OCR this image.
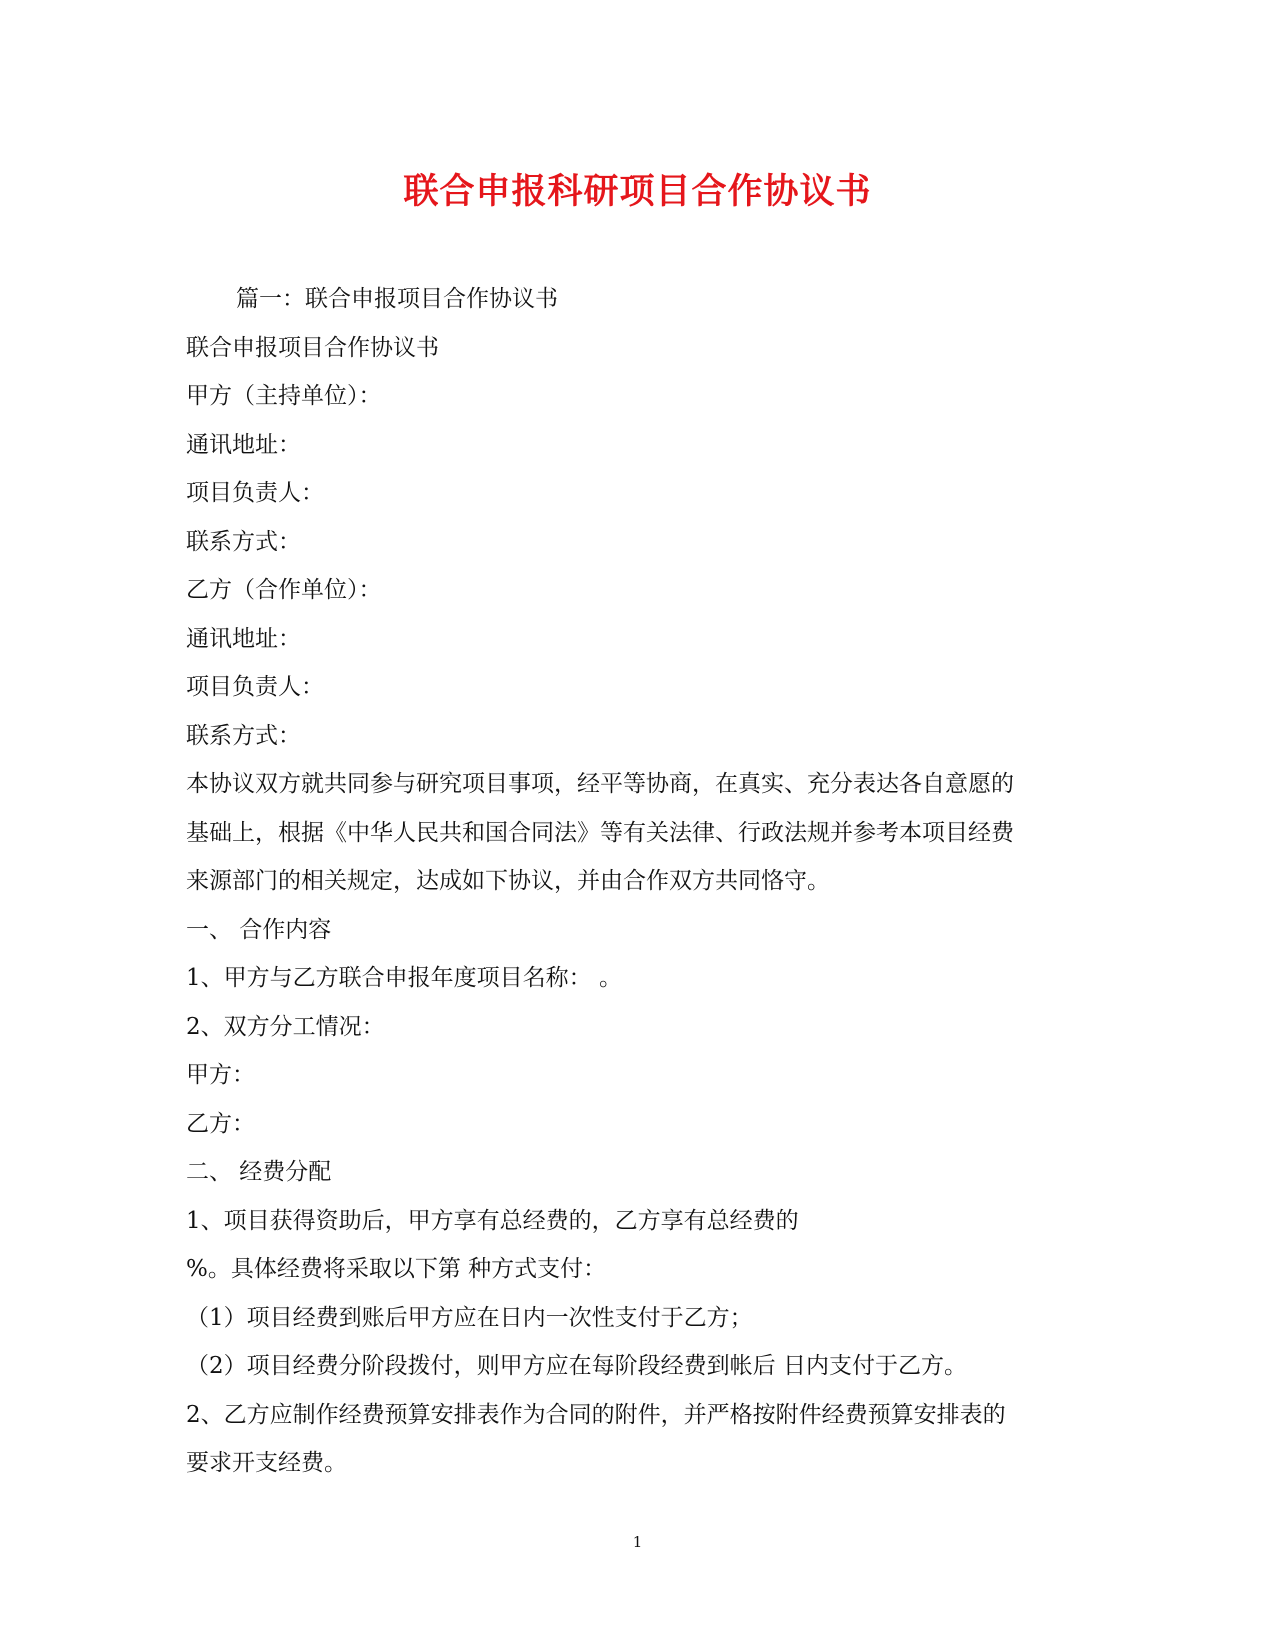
联合申报科研项目合作协议书
篇一：联合申报项目合作协议书
联合申报项目合作协议书
甲方（主持单位）：
通讯地址：
项目负责人：
联系方式：
乙方（合作单位）：
通讯地址：
项目负责人：
联系方式：
本协议双方就共同参与研究项目事项，经平等协商，在真实、充分表达各自意愿的
基础上，根据《中华人民共和国合同法》等有关法律、行政法规并参考本项目经费
来源部门的相关规定，达成如下协议，并由合作双方共同恪守。
一、 合作内容
1、甲方与乙方联合申报年度项目名称： 。
2、双方分工情况：
甲方：
乙方：
二、 经费分配
1、项目获得资助后，甲方享有总经费的，乙方享有总经费的
%。具体经费将采取以下第 种方式支付：
（1）项目经费到账后甲方应在日内一次性支付于乙方；
（2）项目经费分阶段拨付，则甲方应在每阶段经费到帐后 日内支付于乙方。
2、乙方应制作经费预算安排表作为合同的附件，并严格按附件经费预算安排表的
要求开支经费。
1
